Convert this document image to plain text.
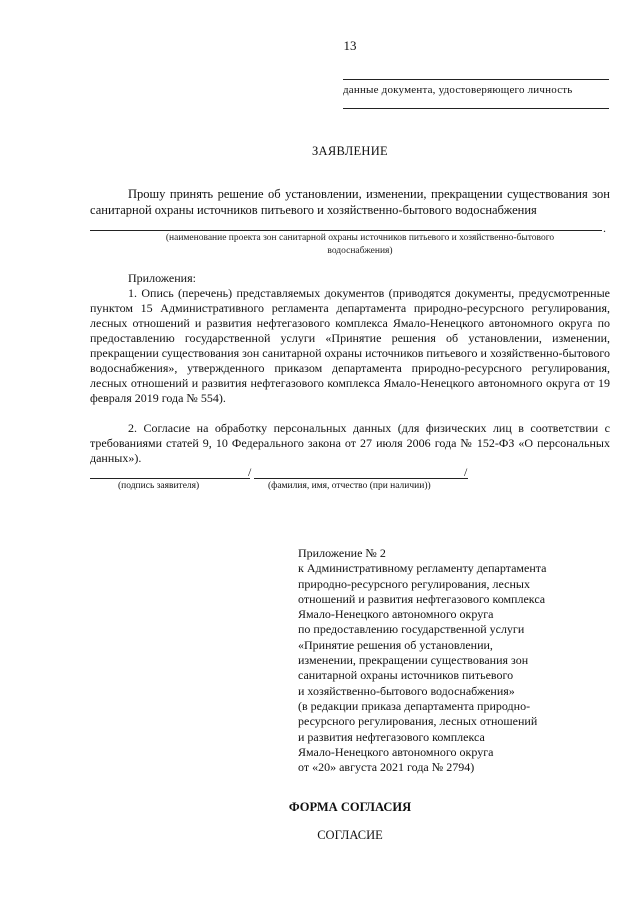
13
данные документа, удостоверяющего личность
ЗАЯВЛЕНИЕ
Прошу принять решение об установлении, изменении, прекращении существования зон санитарной охраны источников питьевого и хозяйственно-бытового водоснабжения
.
(наименование проекта зон санитарной охраны источников питьевого и хозяйственно-бытового водоснабжения)
Приложения:
1. Опись (перечень) представляемых документов (приводятся документы, предусмотренные пунктом 15 Административного регламента департамента природно-ресурсного регулирования, лесных отношений и развития нефтегазового комплекса Ямало-Ненецкого автономного округа по предоставлению государственной услуги «Принятие решения об установлении, изменении, прекращении существования зон санитарной охраны источников питьевого и хозяйственно-бытового водоснабжения», утвержденного приказом департамента природно-ресурсного регулирования, лесных отношений и развития нефтегазового комплекса Ямало-Ненецкого автономного округа от 19 февраля 2019 года № 554).
2. Согласие на обработку персональных данных (для физических лиц в соответствии с требованиями статей 9, 10 Федерального закона от 27 июля 2006 года № 152-ФЗ «О персональных данных»).
/	/
(подпись заявителя)	(фамилия, имя, отчество (при наличии))
Приложение № 2
к Административному регламенту департамента
природно-ресурсного регулирования, лесных
отношений и развития нефтегазового комплекса
Ямало-Ненецкого автономного округа
по предоставлению государственной услуги
«Принятие решения об установлении,
изменении, прекращении существования зон
санитарной охраны источников питьевого
и хозяйственно-бытового водоснабжения»
(в редакции приказа департамента природно-
ресурсного регулирования, лесных отношений
и развития нефтегазового комплекса
Ямало-Ненецкого автономного округа
от «20» августа 2021 года № 2794)
ФОРМА СОГЛАСИЯ
СОГЛАСИЕ
